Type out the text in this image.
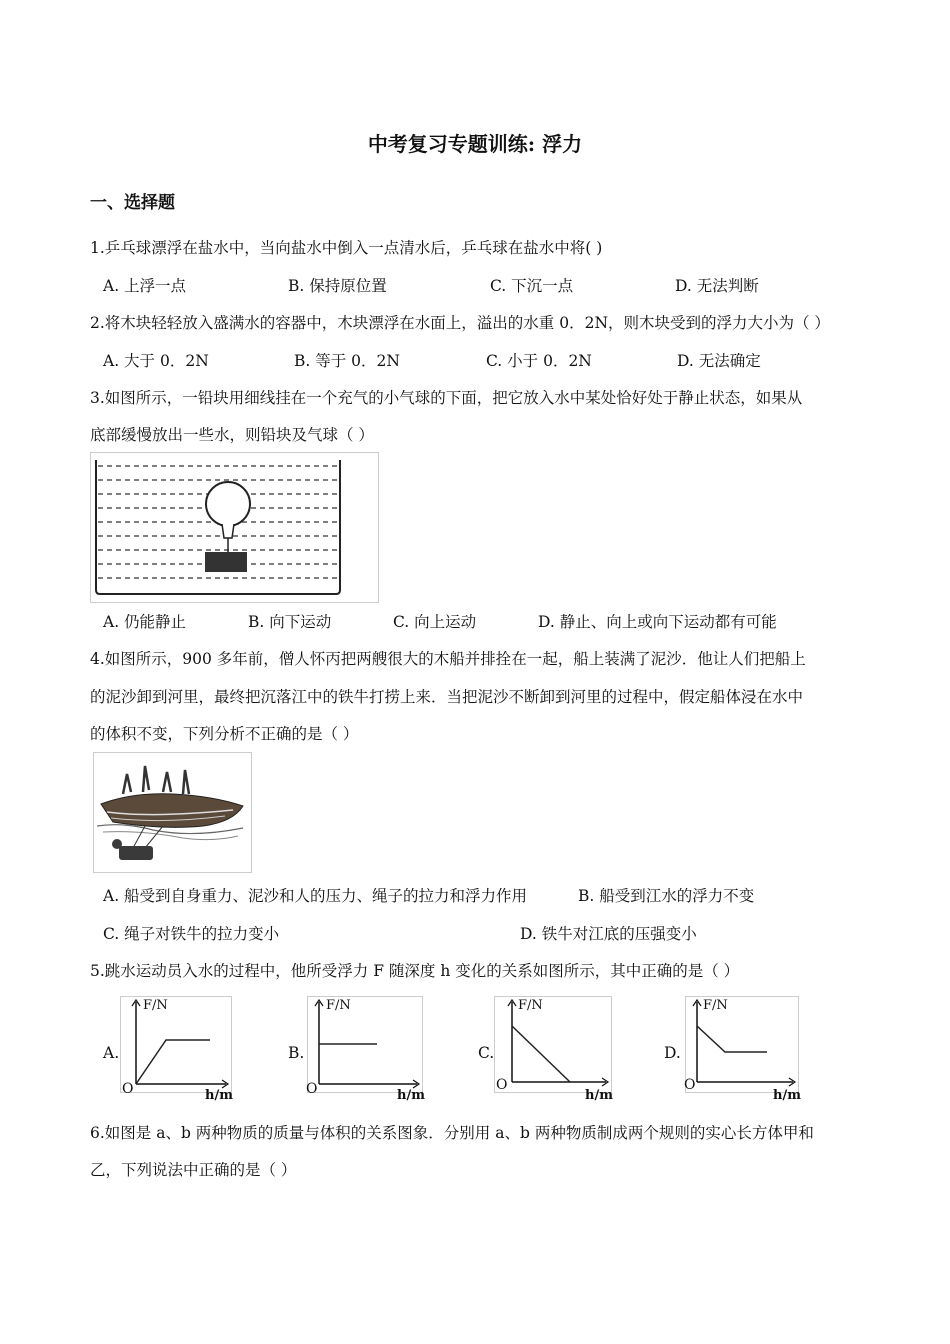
中考复习专题训练: 浮力
一、选择题
1.乒乓球漂浮在盐水中，当向盐水中倒入一点清水后，乒乓球在盐水中将( )
A. 上浮一点	B. 保持原位置	C. 下沉一点	D. 无法判断
2.将木块轻轻放入盛满水的容器中，木块漂浮在水面上，溢出的水重 0．2N，则木块受到的浮力大小为（ ）
A. 大于 0．2N	B. 等于 0．2N	C. 小于 0．2N	D. 无法确定
3.如图所示，一铅块用细线挂在一个充气的小气球的下面，把它放入水中某处恰好处于静止状态，如果从
底部缓慢放出一些水，则铅块及气球（ ）
A. 仍能静止	B. 向下运动	C. 向上运动	D. 静止、向上或向下运动都有可能
4.如图所示，900 多年前，僧人怀丙把两艘很大的木船并排拴在一起，船上装满了泥沙．他让人们把船上
的泥沙卸到河里，最终把沉落江中的铁牛打捞上来．当把泥沙不断卸到河里的过程中，假定船体浸在水中
的体积不变，下列分析不正确的是（ ）
A. 船受到自身重力、泥沙和人的压力、绳子的拉力和浮力作用	B. 船受到江水的浮力不变
C. 绳子对铁牛的拉力变小	D. 铁牛对江底的压强变小
5.跳水运动员入水的过程中，他所受浮力 F 随深度 h 变化的关系如图所示，其中正确的是（ ）
A.	B.	C.	D.
F/N
O	h/m
F/N
O	h/m
F/N
O
h/m
F/N
O
h/m
6.如图是 a、b 两种物质的质量与体积的关系图象．分别用 a、b 两种物质制成两个规则的实心长方体甲和
乙，下列说法中正确的是（ ）
